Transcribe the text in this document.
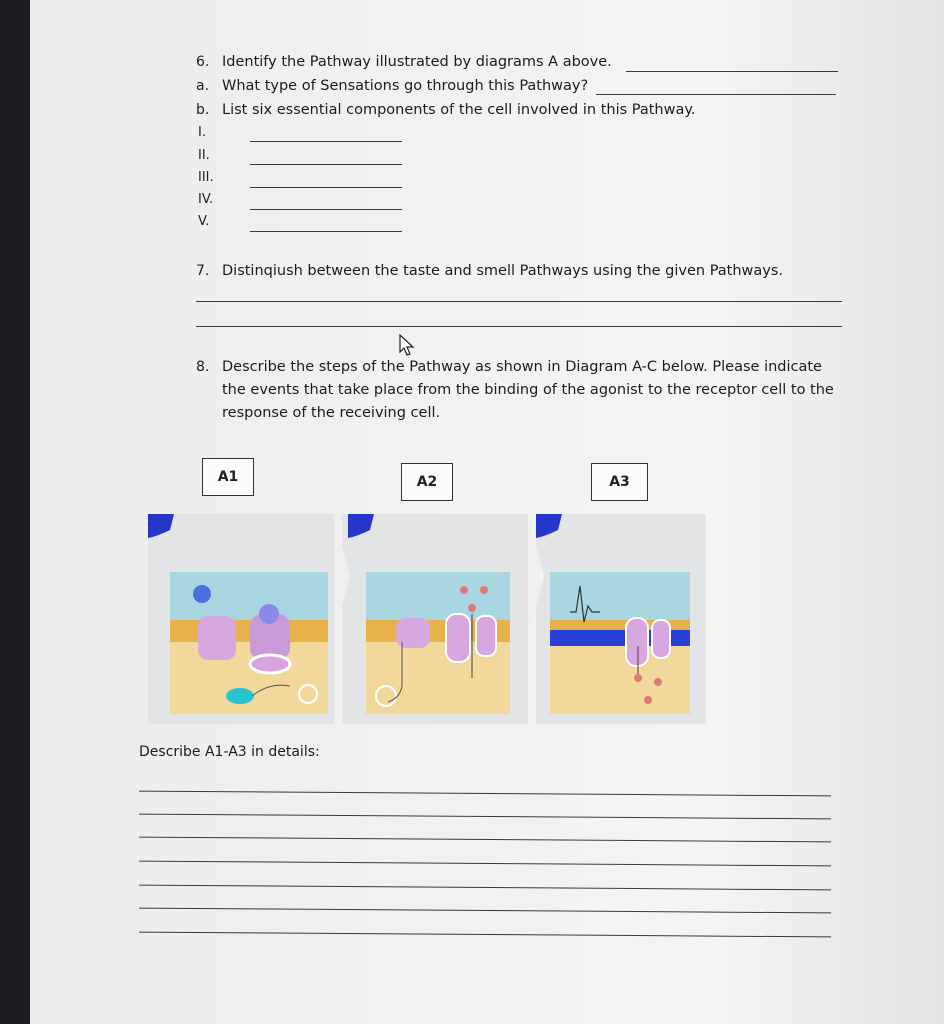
6. Identify the Pathway illustrated by diagrams A above.
a. What type of Sensations go through this Pathway?
b. List six essential components of the cell involved in this Pathway.
I.
II.
III.
IV.
V.
7. Distinqiush between the taste and smell Pathways using the given Pathways.
8. Describe the steps of the Pathway as shown in Diagram A-C below. Please indicate
the events that take place from the binding of the agonist to the receptor cell to the
response of the receiving cell.
A1	A2	A3
Describe A1-A3 in details:
